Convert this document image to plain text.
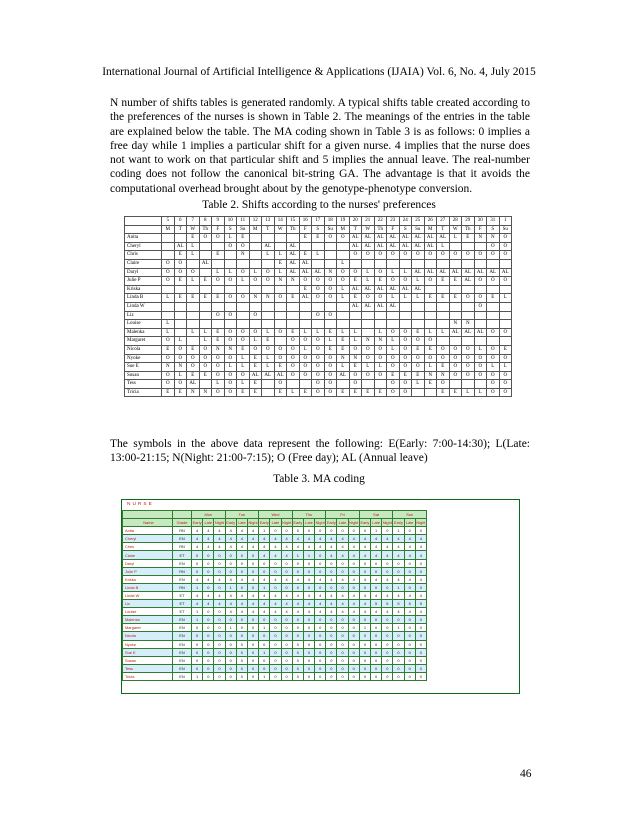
International Journal of Artificial Intelligence & Applications (IJAIA) Vol. 6, No. 4, July 2015
N number of shifts tables is generated randomly. A typical shifts table created according to the preferences of the nurses is shown in Table 2. The meanings of the entries in the table are explained below the table. The MA coding shown in Table 3 is as follows: 0 implies a free day while 1 implies a particular shift for a given nurse. 4 implies that the nurse does not want to work on that particular shift and 5 implies the annual leave. The real-number coding does not follow the canonical bit-string GA. The advantage is that it avoids the computational overhead brought about by the genotype-phenotype conversion.
Table 2. Shifts according to the nurses' preferences
	5	6	7	8	9	10	11	12	13	14	15	16	17	18	19	20	21	22	23	24	25	26	27	28	29	30	31	1
	M	T	W	Th	F	S	Su	M	T	W	Th	F	S	Su	M	T	W	Th	F	S	Su	M	T	W	Th	F	S	Su
Anita			E	O	O	L	E					E	E	O	O	AL	AL	AL	AL	AL	AL	AL	AL	L	E	N	N	O
Cheryl		AL	L			O	O		AL		AL					AL	AL	AL	AL	AL	AL	AL	L				O	O
Chris		E	L		E		N		L	L	AL	E	L			O	O	O	O	O	O	O	O	O	O	O	O	O
Claire	O	O		AL						E	AL	AL			L													
Daryl	O	O	O		L	L	O	L	O	L	AL	AL	AL	N	O	O	L	O	L	L	AL	AL	AL	AL	AL	AL	AL	AL
Julie P	O	E	L	E	O	O	L	O	O	N	N	O	O	O	O	E	L	E	O	O	L	O	E	E	AL	O	O	O
Kriska												E	O	O	L	AL	AL	AL	AL	AL	AL							
Linda B	L	E	E	E	E	O	O	N	N	O	E	AL	O	O	L	E	O	O	L	L	L	E	E	E	O	O	E	L
Linda W																AL	AL	AL	AL							O		
Liz					O	O		O					O	O														
Louise	L																							N	N			
Malenka	L		L	L	E	O	O	O	L	O	E	L	L	E	L	L		L	O	O	E	L	L	AL	AL	AL	O	O
Margaret	O	L		L	E	O	O	L	E		O	O	O	L	E	L	N	N	L	O	O	O						
Nicola	E	O	E	O	N	N	E	O	O	O	O	L	O	E	E	O	O	O	L	O	E	E	O	O	O	L	O	E
Nyoke	O	O	O	O	O	O	L	E	L	O	O	O	O	O	N	N	O	O	O	O	O	O	O	O	O	O	O	O
Sue E	N	N	O	O	O	L	L	E	L	E	O	O	O	O	L	E	L	L	O	O	O	L	E	O	O	O	L	L
Susan	O	L	E	E	O	O	O	AL	AL	AL	O	O	O	O	AL	O	O	O	E	E	E	N	N	O	O	O	O	O
Tess	O	O	AL		L	O	L	E		O			O	O		O			O	O	L	E	O				O	O
Tricia	E	E	N	N	O	O	E	E		E	L	E	O	O	E	E	E	E	O	O			E	E	L	L	O	O
The symbols in the above data represent the following: E(Early: 7:00-14:30); L(Late: 13:00-21:15; N(Night: 21:00-7:15); O (Free day); AL (Annual leave)
Table 3. MA coding
NURSE
		Mon			Tue			Wed			Thu			Fri			Sat			Sun		
Name	Grade	Early	Late	Night	Early	Late	Night	Early	Late	Night	Early	Late	Night	Early	Late	Night	Early	Late	Night	Early	Late	Night
Anita	RN	4	4	4	4	4	4	1	0	0	0	0	0	0	0	0	0	1	0	1	0	0
Cheryl	EN	4	4	4	4	4	4	4	4	4	4	4	4	4	4	4	4	4	4	4	4	4
Chris	RN	4	4	4	4	4	4	4	4	4	4	4	4	4	4	4	4	4	4	4	4	4
Claire	ET	0	0	0	0	0	0	4	4	4	1	1	0	4	4	4	4	4	4	4	4	4
Daryl	EN	0	0	0	0	0	0	0	0	0	0	0	0	0	0	0	0	0	0	0	0	0
Julie P	RN	0	0	0	0	0	0	0	0	0	0	0	0	0	0	0	0	0	0	0	0	0
Kriska	EN	4	4	4	4	4	4	4	4	4	4	4	4	4	4	4	4	4	4	4	4	4
Linda B	RN	1	0	0	1	0	0	1	0	0	0	0	0	0	0	0	0	0	0	1	0	0
Linda W	ET	4	4	4	4	4	4	4	4	4	4	4	4	4	4	4	4	4	4	4	4	4
Liz	ET	4	4	4	4	4	4	4	4	4	4	4	4	4	4	4	4	5	5	5	5	5
Louise	ET	1	0	0	4	4	4	4	4	4	4	4	4	4	4	4	4	4	4	4	4	4
Malenka	EN	1	0	0	0	0	0	0	0	0	0	0	0	0	0	0	0	0	0	0	0	0
Margaret	EN	0	0	0	1	0	0	1	0	0	0	0	0	0	0	0	1	0	0	1	0	0
Nicola	EN	0	0	0	0	0	0	0	0	0	0	0	0	0	0	0	0	0	0	0	0	0
Nyoke	EN	0	0	0	0	0	0	0	0	0	0	0	0	0	0	0	0	0	0	0	0	0
Sue E	EN	0	0	0	0	0	0	1	0	0	0	0	0	0	0	0	0	0	0	0	0	0
Susan	EN	0	0	0	0	0	0	0	0	0	0	0	0	0	0	0	0	0	0	0	0	0
Tess	EN	0	0	0	0	0	0	0	0	0	0	0	0	0	0	0	0	0	0	0	0	0
Tricia	EN	1	0	0	0	0	0	1	0	0	0	0	0	0	0	0	0	0	0	0	0	0
46
